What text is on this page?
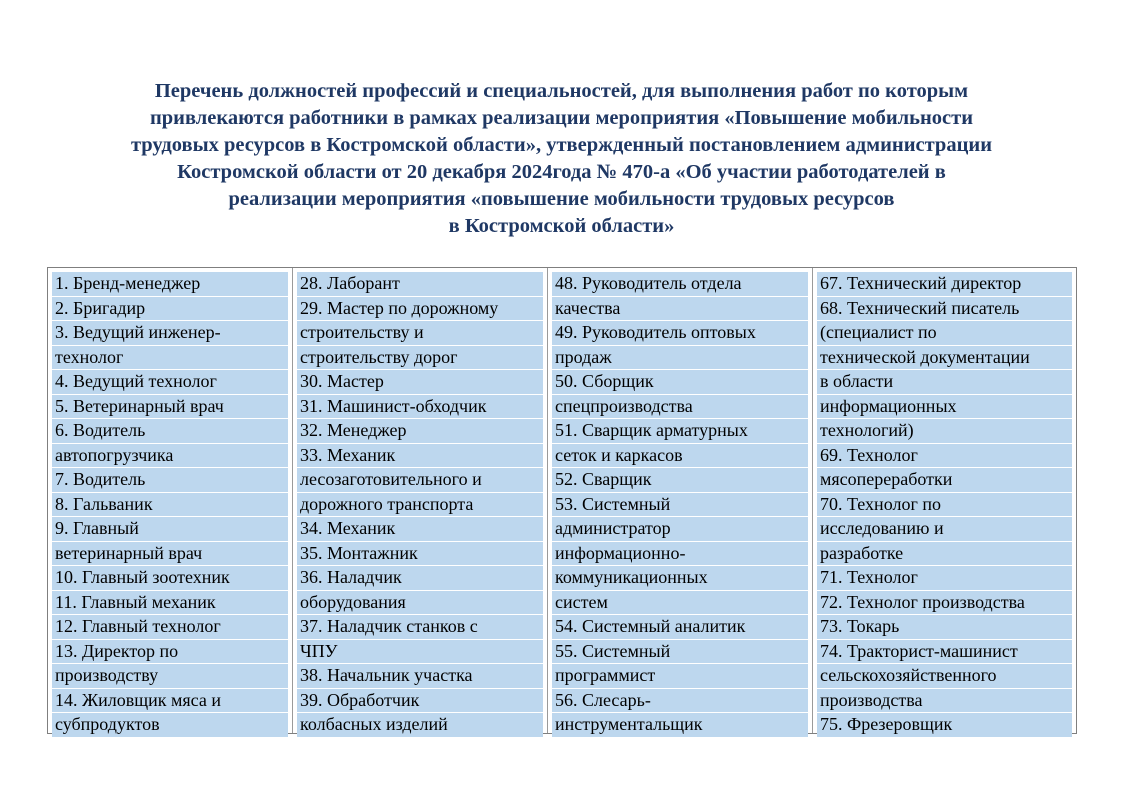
Перечень должностей профессий и специальностей, для выполнения работ по которым
привлекаются работники в рамках реализации мероприятия «Повышение мобильности
трудовых ресурсов в Костромской области», утвержденный постановлением администрации
Костромской области от 20 декабря 2024года № 470-а «Об участии работодателей в
реализации мероприятия «повышение мобильности трудовых ресурсов
в Костромской области»
1. Бренд-менеджер
2. Бригадир
3. Ведущий инженер-
технолог
4. Ведущий технолог
5. Ветеринарный врач
6. Водитель
автопогрузчика
7. Водитель
8. Гальваник
9. Главный
ветеринарный врач
10. Главный зоотехник
11. Главный механик
12. Главный технолог
13. Директор по
производству
14. Жиловщик мяса и
субпродуктов
28. Лаборант
29. Мастер по дорожному
строительству и
строительству дорог
30. Мастер
31. Машинист-обходчик
32. Менеджер
33. Механик
лесозаготовительного и
дорожного транспорта
34. Механик
35. Монтажник
36. Наладчик
оборудования
37. Наладчик станков с
ЧПУ
38. Начальник участка
39. Обработчик
колбасных изделий
48. Руководитель отдела
качества
49. Руководитель оптовых
продаж
50. Сборщик
спецпроизводства
51. Сварщик арматурных
сеток и каркасов
52. Сварщик
53. Системный
администратор
информационно-
коммуникационных
систем
54. Системный аналитик
55. Системный
программист
56. Слесарь-
инструментальщик
67. Технический директор
68. Технический писатель
(специалист по
технической документации
в области
информационных
технологий)
69. Технолог
мясопереработки
70. Технолог по
исследованию и
разработке
71. Технолог
72. Технолог производства
73. Токарь
74. Тракторист-машинист
сельскохозяйственного
производства
75. Фрезеровщик
